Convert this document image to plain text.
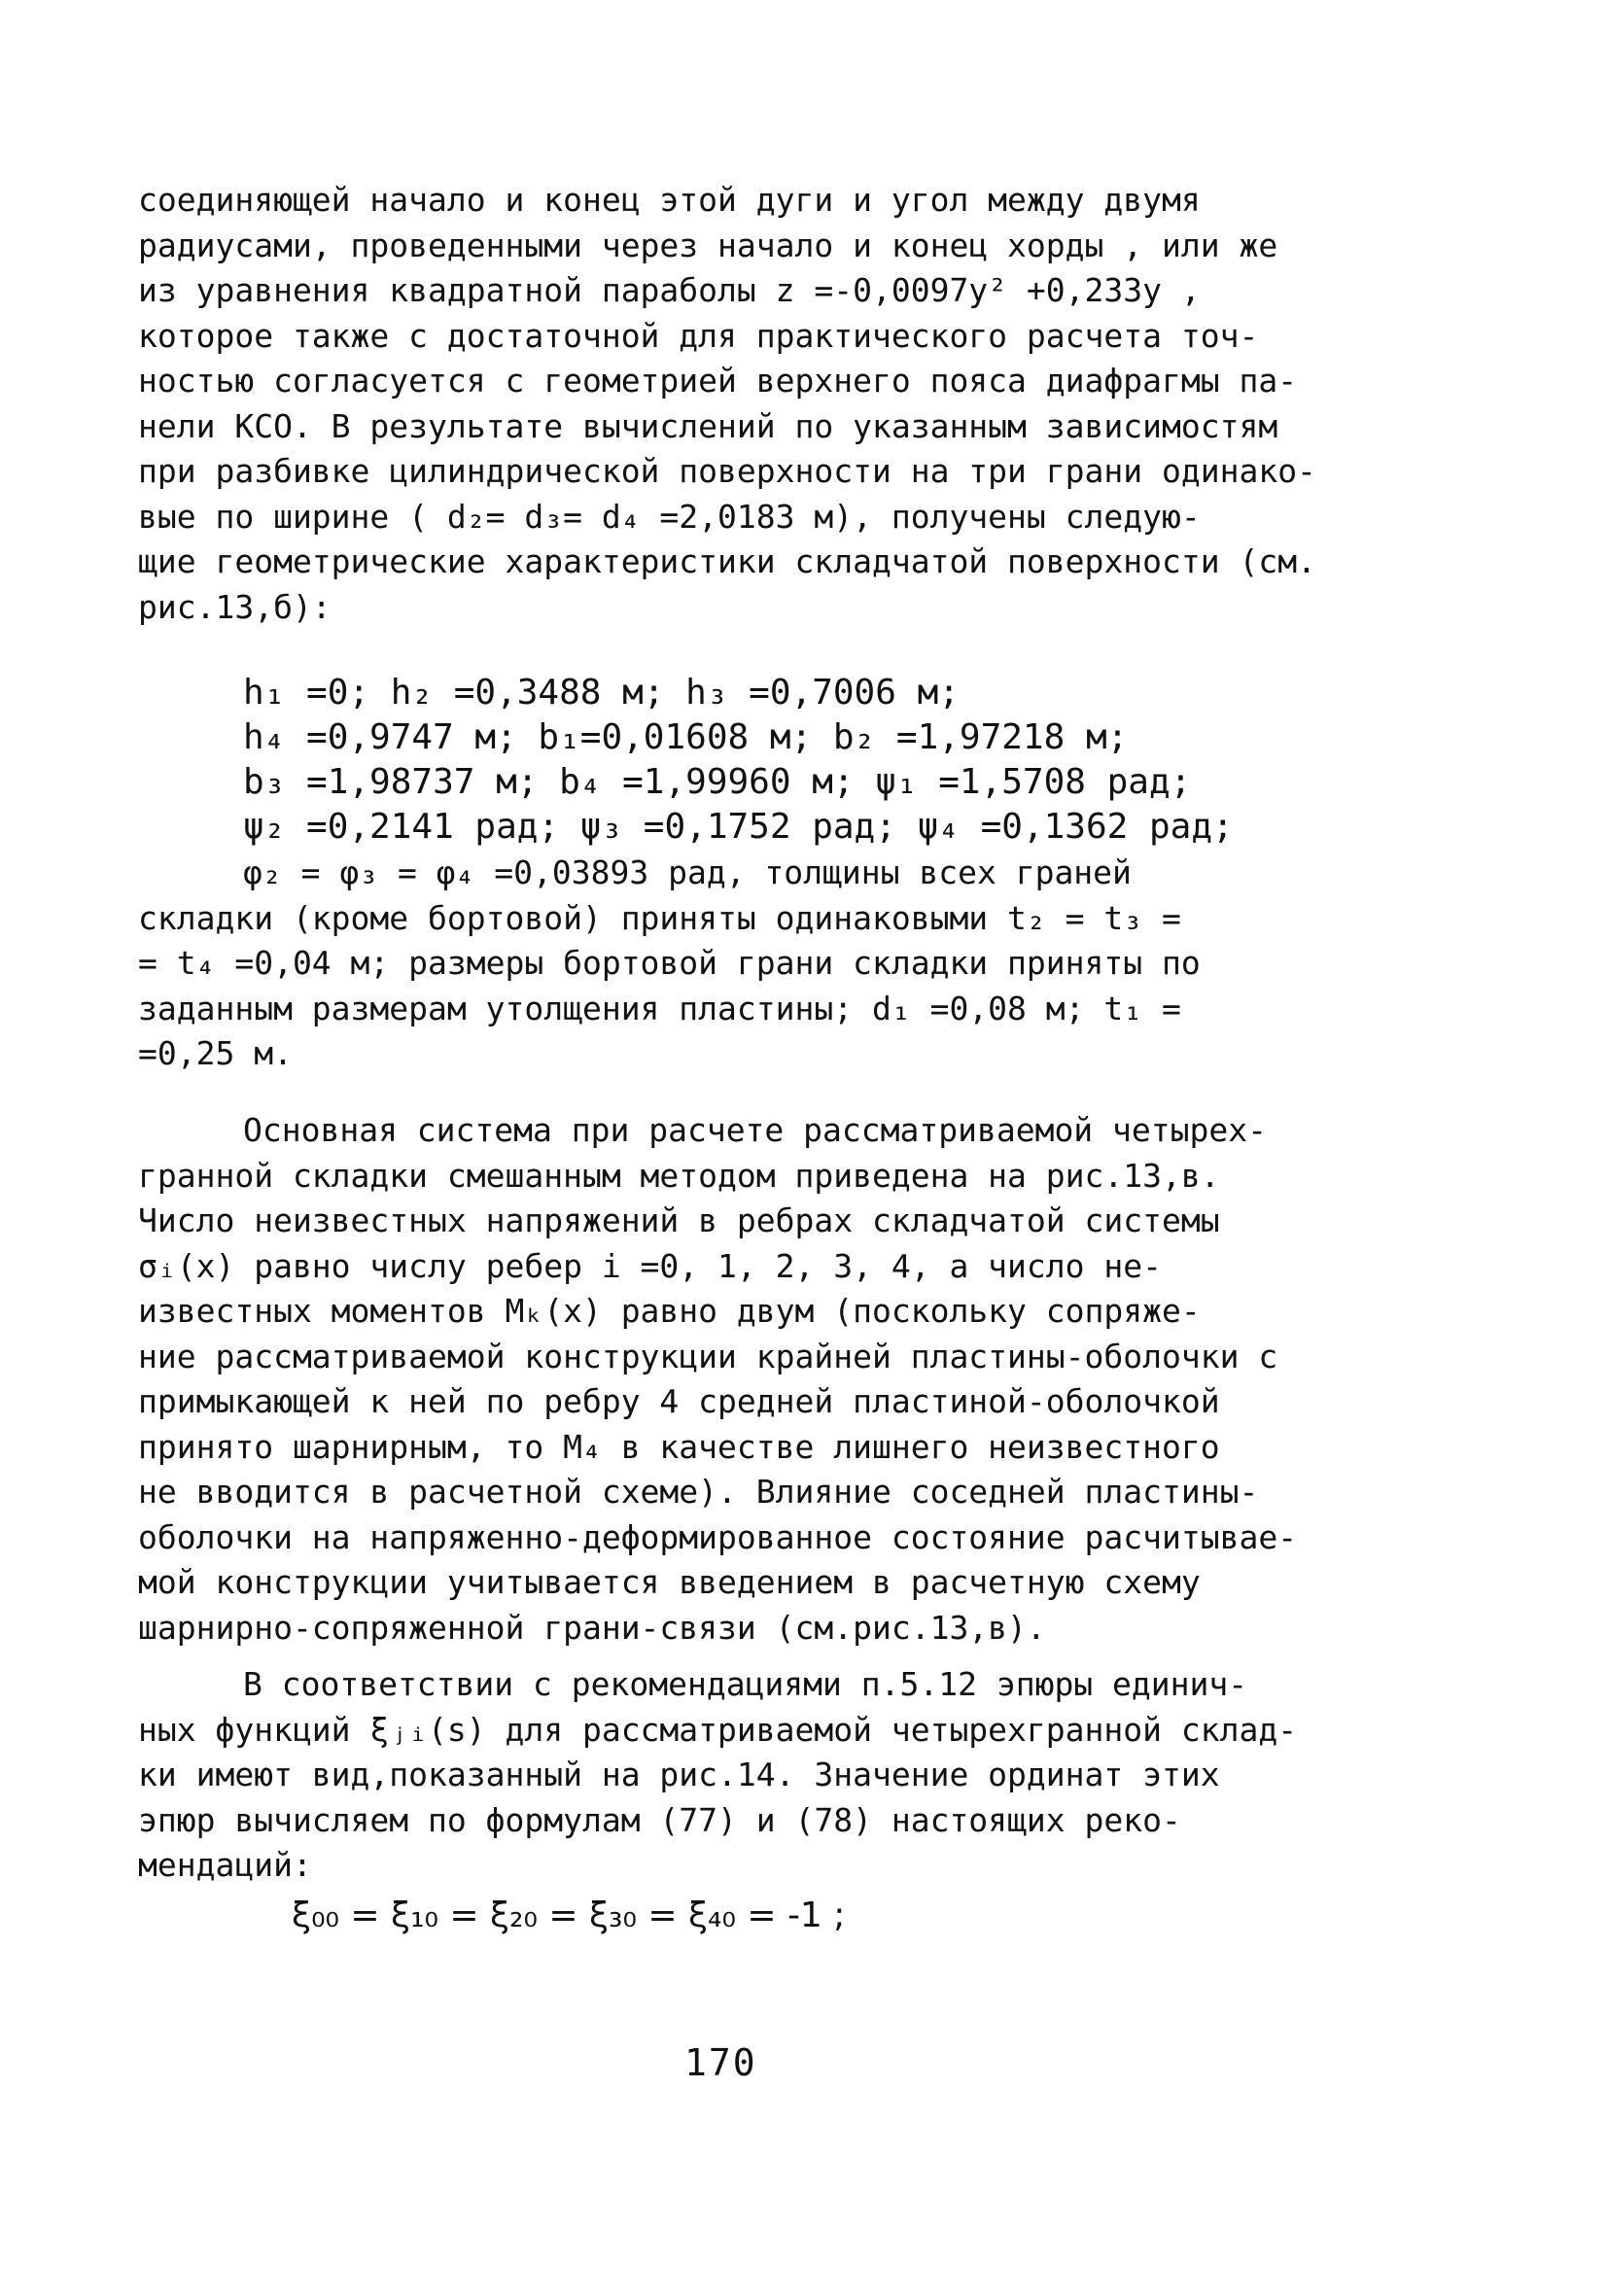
соединяющей начало и конец этой дуги и угол между двумя
радиусами, проведенными через начало и конец хорды , или же
из уравнения квадратной параболы z =-0,0097y² +0,233y ,
которое также с достаточной для практического расчета точ-
ностью согласуется с геометрией верхнего пояса диафрагмы па-
нели КСО. В результате вычислений по указанным зависимостям
при разбивке цилиндрической поверхности на три грани одинако-
вые по ширине ( d₂= d₃= d₄ =2,0183 м), получены следую-
щие геометрические характеристики складчатой поверхности (см.
рис.13,б):
h₁ =0; h₂ =0,3488 м; h₃ =0,7006 м;
h₄ =0,9747 м; b₁=0,01608 м; b₂ =1,97218 м;
b₃ =1,98737 м; b₄ =1,99960 м; ψ₁ =1,5708 рад;
ψ₂ =0,2141 рад; ψ₃ =0,1752 рад; ψ₄ =0,1362 рад;
φ₂ = φ₃ = φ₄ =0,03893 рад, толщины всех граней
складки (кроме бортовой) приняты одинаковыми t₂ = t₃ =
= t₄ =0,04 м; размеры бортовой грани складки приняты по
заданным размерам утолщения пластины; d₁ =0,08 м; t₁ =
=0,25 м.
Основная система при расчете рассматриваемой четырех-
гранной складки смешанным методом приведена на рис.13,в.
Число неизвестных напряжений в ребрах складчатой системы
σᵢ(x) равно числу ребер i =0, 1, 2, 3, 4, а число не-
известных моментов Mₖ(x) равно двум (поскольку сопряже-
ние рассматриваемой конструкции крайней пластины-оболочки с
примыкающей к ней по ребру 4 средней пластиной-оболочкой
принято шарнирным, то M₄ в качестве лишнего неизвестного
не вводится в расчетной схеме). Влияние соседней пластины-
оболочки на напряженно-деформированное состояние расчитывае-
мой конструкции учитывается введением в расчетную схему
шарнирно-сопряженной грани-связи (см.рис.13,в).
В соответствии с рекомендациями п.5.12 эпюры единич-
ных функций ξⱼᵢ(s) для рассматриваемой четырехгранной склад-
ки имеют вид,показанный на рис.14. Значение ординат этих
эпюр вычисляем по формулам (77) и (78) настоящих реко-
мендаций:
ξ₀₀ = ξ₁₀ = ξ₂₀ = ξ₃₀ = ξ₄₀ = -1 ;
170
